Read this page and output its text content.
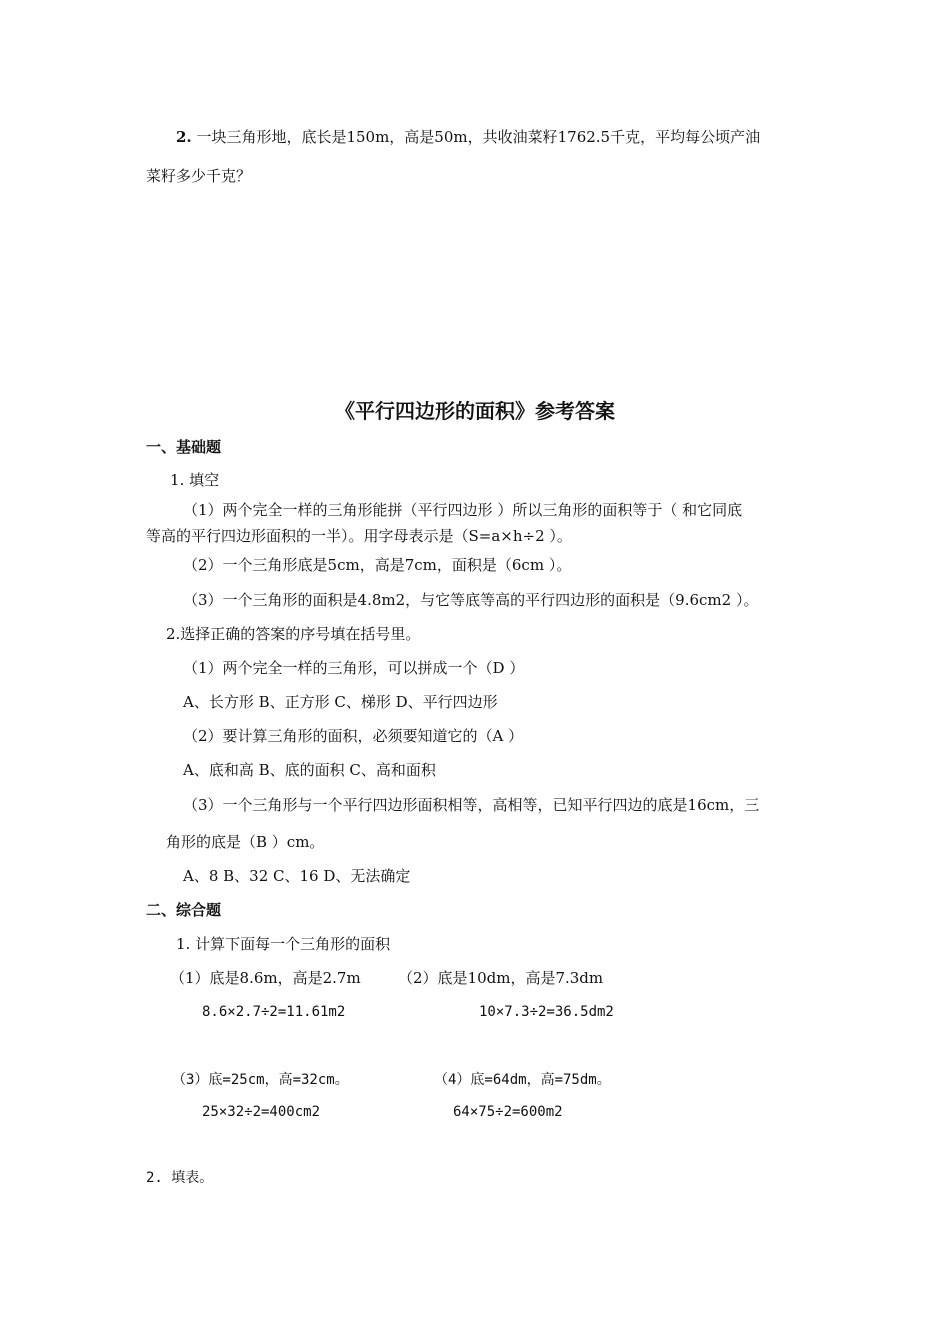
2. 一块三角形地，底长是150m，高是50m，共收油菜籽1762.5千克，平均每公顷产油
菜籽多少千克？
《平行四边形的面积》参考答案
一、基础题
1. 填空
（1）两个完全一样的三角形能拼（平行四边形 ）所以三角形的面积等于（ 和它同底
等高的平行四边形面积的一半）。用字母表示是（S=a×h÷2 ）。
（2）一个三角形底是5cm，高是7cm，面积是（6cm ）。
（3）一个三角形的面积是4.8m2，与它等底等高的平行四边形的面积是（9.6cm2 ）。
2.选择正确的答案的序号填在括号里。
（1）两个完全一样的三角形，可以拼成一个（D ）
A、长方形 B、正方形 C、梯形 D、平行四边形
（2）要计算三角形的面积，必须要知道它的（A ）
A、底和高 B、底的面积 C、高和面积
（3）一个三角形与一个平行四边形面积相等，高相等，已知平行四边的底是16cm，三
角形的底是（B ）cm。
A、8 B、32 C、16 D、无法确定
二、综合题
1. 计算下面每一个三角形的面积
（1）底是8.6m，高是2.7m （2）底是10dm，高是7.3dm
8.6×2.7÷2=11.61m2	10×7.3÷2=36.5dm2
（3）底=25cm，高=32cm。	（4）底=64dm，高=75dm。
25×32÷2=400cm2	64×75÷2=600m2
2. 填表。
